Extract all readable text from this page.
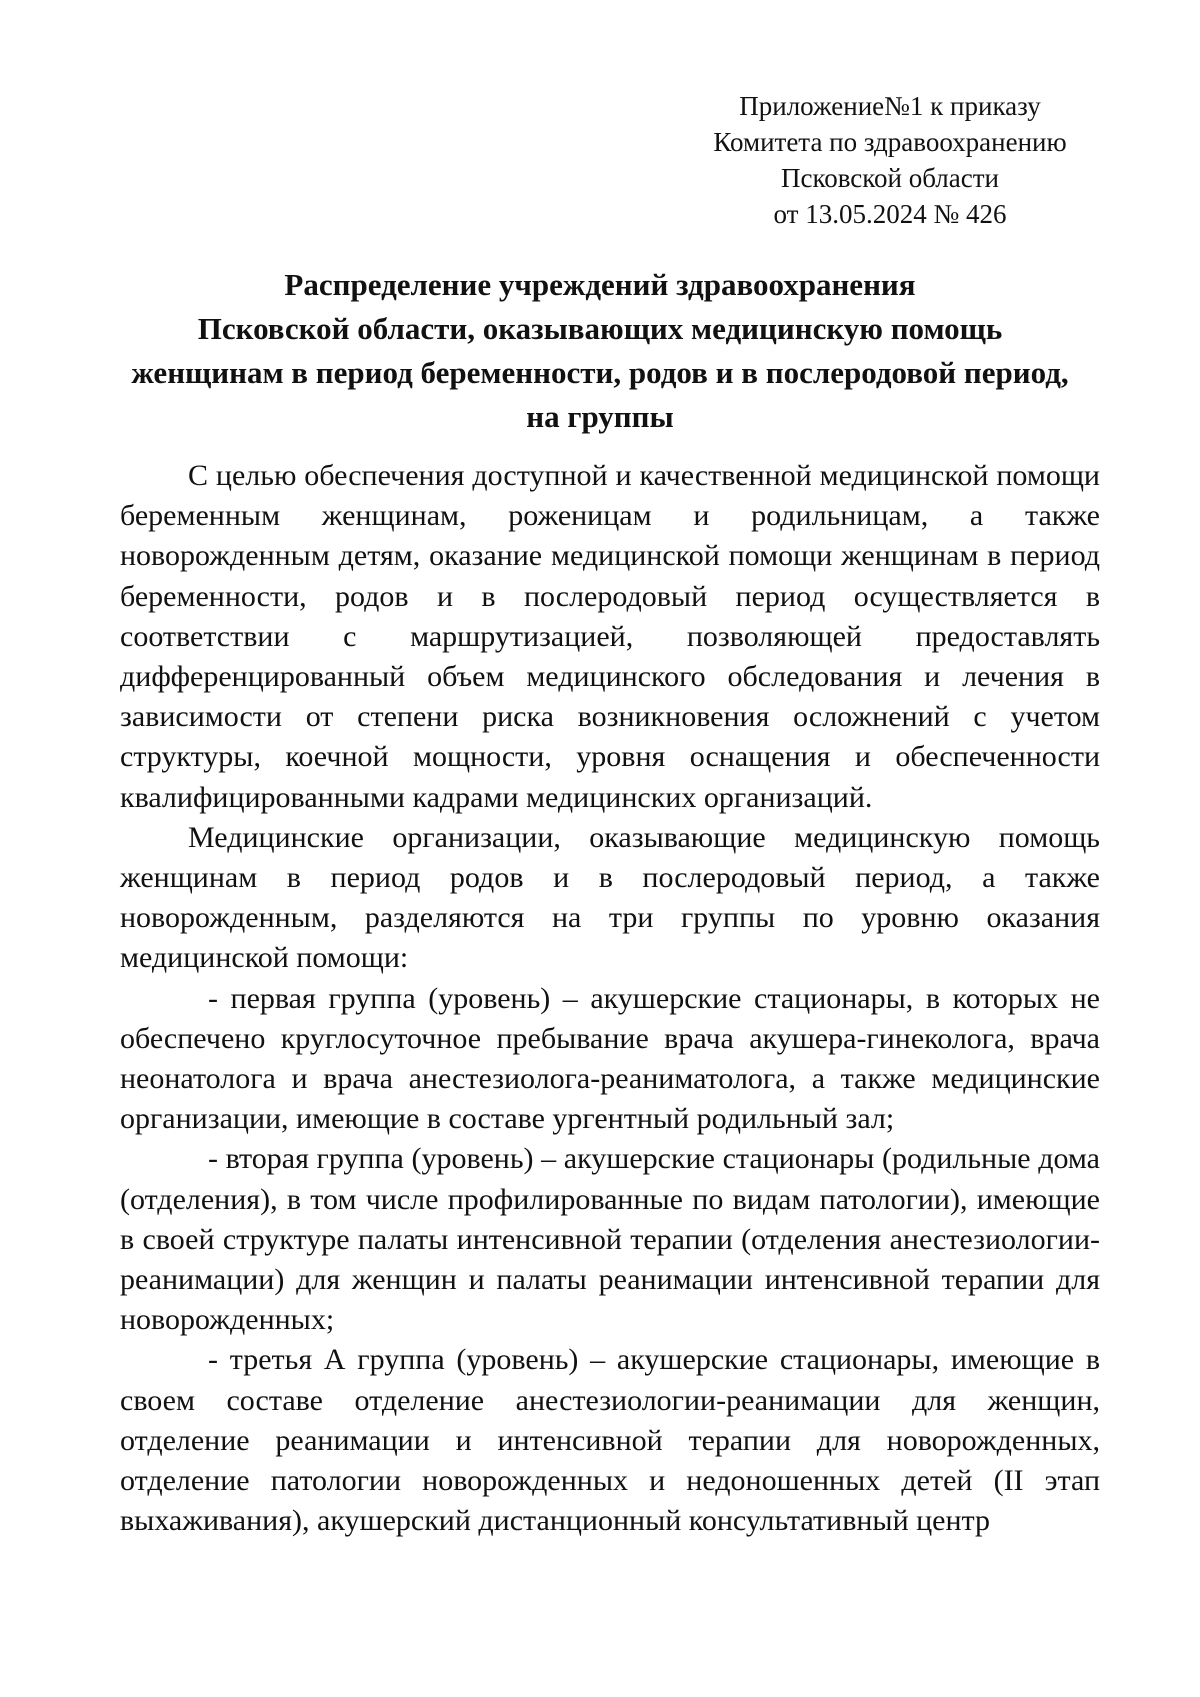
Приложение№1 к приказу
Комитета по здравоохранению
Псковской области
от 13.05.2024 № 426
Распределение учреждений здравоохранения
Псковской области, оказывающих медицинскую помощь
женщинам в период беременности, родов и в послеродовой период,
на группы

С целью обеспечения доступной и качественной медицинской помощи беременным женщинам, роженицам и родильницам, а также новорожденным детям, оказание медицинской помощи женщинам в период беременности, родов и в послеродовый период осуществляется в соответствии с маршрутизацией, позволяющей предоставлять дифференцированный объем медицинского обследования и лечения в зависимости от степени риска возникновения осложнений с учетом структуры, коечной мощности, уровня оснащения и обеспеченности квалифицированными кадрами медицинских организаций.

Медицинские организации, оказывающие медицинскую помощь женщинам в период родов и в послеродовый период, а также новорожденным, разделяются на три группы по уровню оказания медицинской помощи:

- первая группа (уровень) – акушерские стационары, в которых не обеспечено круглосуточное пребывание врача акушера-гинеколога, врача неонатолога и врача анестезиолога-реаниматолога, а также медицинские организации, имеющие в составе ургентный родильный зал;

- вторая группа (уровень) – акушерские стационары (родильные дома (отделения), в том числе профилированные по видам патологии), имеющие в своей структуре палаты интенсивной терапии (отделения анестезиологии-реанимации) для женщин и палаты реанимации интенсивной терапии для новорожденных;

- третья А группа (уровень) – акушерские стационары, имеющие в своем составе отделение анестезиологии-реанимации для женщин, отделение реанимации и интенсивной терапии для новорожденных, отделение патологии новорожденных и недоношенных детей (II этап выхаживания), акушерский дистанционный консультативный центр
